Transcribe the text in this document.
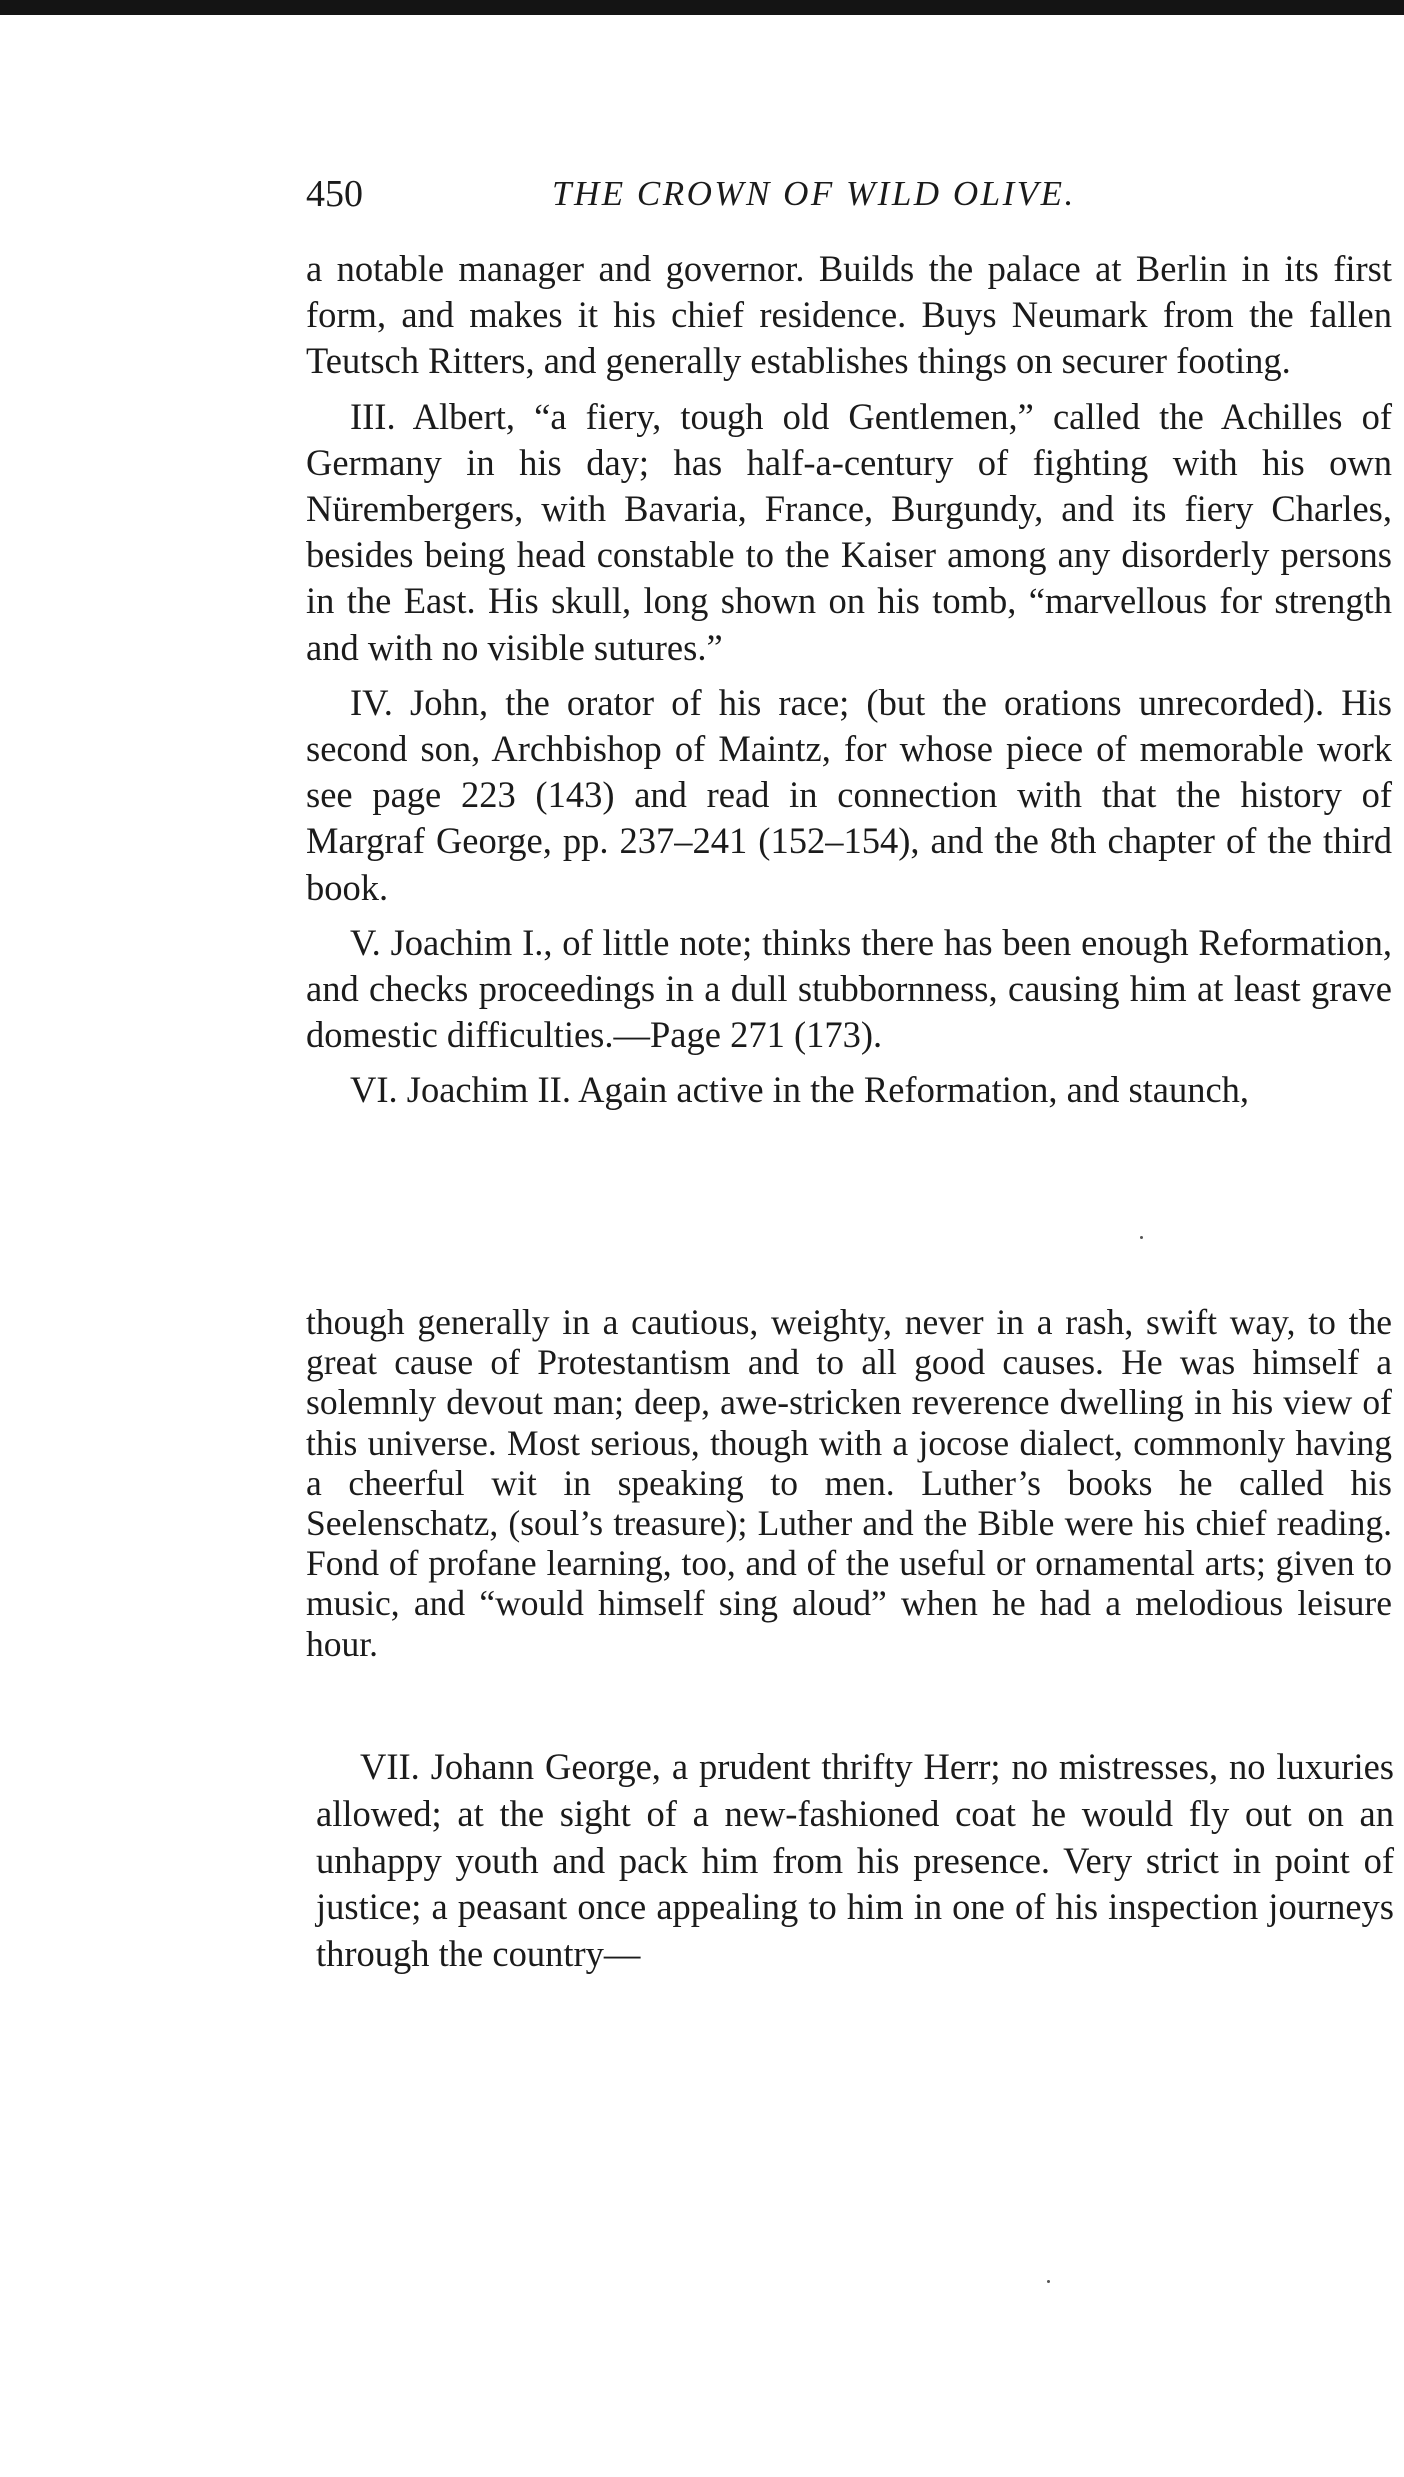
450	THE CROWN OF WILD OLIVE.

a notable manager and governor. Builds the palace at Berlin in its first form, and makes it his chief residence. Buys Neumark from the fallen Teutsch Ritters, and generally establishes things on securer footing.

III. Albert, “a fiery, tough old Gentlemen,” called the Achilles of Germany in his day; has half-a-century of fighting with his own Nürembergers, with Bavaria, France, Burgundy, and its fiery Charles, besides being head constable to the Kaiser among any disorderly persons in the East. His skull, long shown on his tomb, “marvellous for strength and with no visible sutures.”

IV. John, the orator of his race; (but the orations unrecorded). His second son, Archbishop of Maintz, for whose piece of memorable work see page 223 (143) and read in connection with that the history of Margraf George, pp. 237–241 (152–154), and the 8th chapter of the third book.

V. Joachim I., of little note; thinks there has been enough Reformation, and checks proceedings in a dull stubbornness, causing him at least grave domestic difficulties.—Page 271 (173).

VI. Joachim II. Again active in the Reformation, and staunch,

though generally in a cautious, weighty, never in a rash, swift way, to the great cause of Protestantism and to all good causes. He was himself a solemnly devout man; deep, awe-stricken reverence dwelling in his view of this universe. Most serious, though with a jocose dialect, commonly having a cheerful wit in speaking to men. Luther’s books he called his Seelenschatz, (soul’s treasure); Luther and the Bible were his chief reading. Fond of profane learning, too, and of the useful or ornamental arts; given to music, and “would himself sing aloud” when he had a melodious leisure hour.

VII. Johann George, a prudent thrifty Herr; no mistresses, no luxuries allowed; at the sight of a new-fashioned coat he would fly out on an unhappy youth and pack him from his presence. Very strict in point of justice; a peasant once appealing to him in one of his inspection journeys through the country—
